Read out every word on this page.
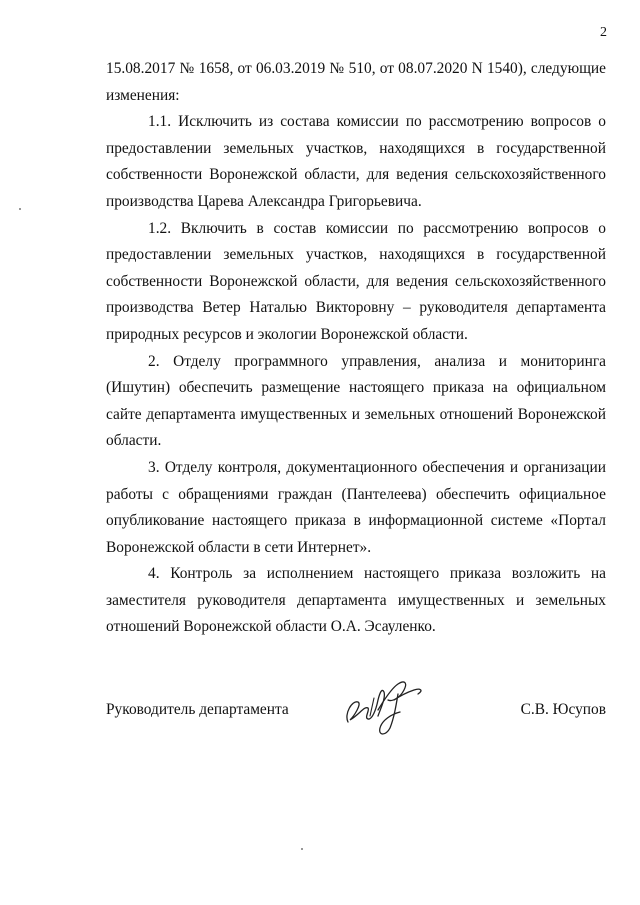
2

15.08.2017 № 1658, от 06.03.2019 № 510, от 08.07.2020 N 1540), следующие изменения:

1.1. Исключить из состава комиссии по рассмотрению вопросов о предоставлении земельных участков, находящихся в государственной собственности Воронежской области, для ведения сельскохозяйственного производства Царева Александра Григорьевича.

1.2. Включить в состав комиссии по рассмотрению вопросов о предоставлении земельных участков, находящихся в государственной собственности Воронежской области, для ведения сельскохозяйственного производства Ветер Наталью Викторовну – руководителя департамента природных ресурсов и экологии Воронежской области.

2. Отделу программного управления, анализа и мониторинга (Ишутин) обеспечить размещение настоящего приказа на официальном сайте департамента имущественных и земельных отношений Воронежской области.

3. Отделу контроля, документационного обеспечения и организации работы с обращениями граждан (Пантелеева) обеспечить официальное опубликование настоящего приказа в информационной системе «Портал Воронежской области в сети Интернет».

4. Контроль за исполнением настоящего приказа возложить на заместителя руководителя департамента имущественных и земельных отношений Воронежской области О.А. Эсауленко.

Руководитель департамента	С.В. Юсупов
